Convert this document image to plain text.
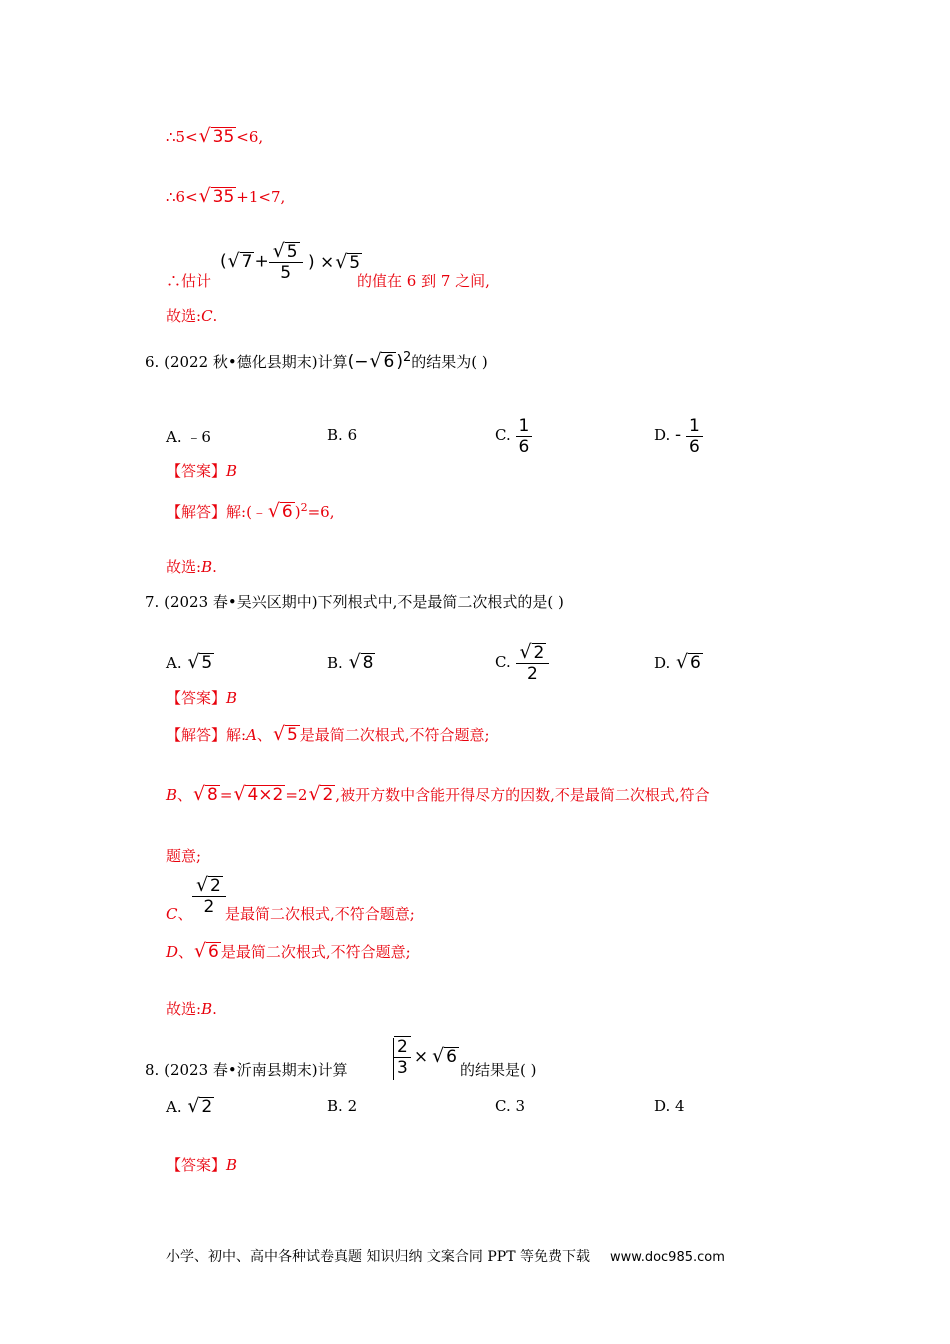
∴5< √ 35 <6,
∴6< √ 35 +1<7,
∴估计
( √ 7 + √ $\frac{5}{5}$ ) × √ 5
的值在 6 到 7 之间,
故选:C.
6. (2022 秋•德化县期末)计算(− √ 6 )$^2$的结果为( )
A. ﹣6	B. 6	C. $\frac{1}{6}$	D. - $\frac{1}{6}$
【答案】B
【解答】解:(﹣ √ 6 )$^2$=6,
故选:B.
7. (2023 春•吴兴区期中)下列根式中,不是最简二次根式的是( )
A. √ 5	B. √ 8	C. √ $\frac{2}{2}$	D. √ 6
【答案】B
【解答】解:A、 √ 5 是最简二次根式,不符合题意;
B、 √ 8 = √ 4×2 =2 √ 2 ,被开方数中含能开得尽方的因数,不是最简二次根式,符合
题意;
C、 √ $\frac{2}{2}$ 是最简二次根式,不符合题意;
D、 √ 6 是最简二次根式,不符合题意;
故选:B.
8. (2023 春•沂南县期末)计算	$\frac{2}{3}$ × √ 6
的结果是( )
A. √ 2	B. 2	C. 3	D. 4
【答案】B
小学、初中、高中各种试卷真题 知识归纳 文案合同 PPT 等免费下载 www.doc985.com
